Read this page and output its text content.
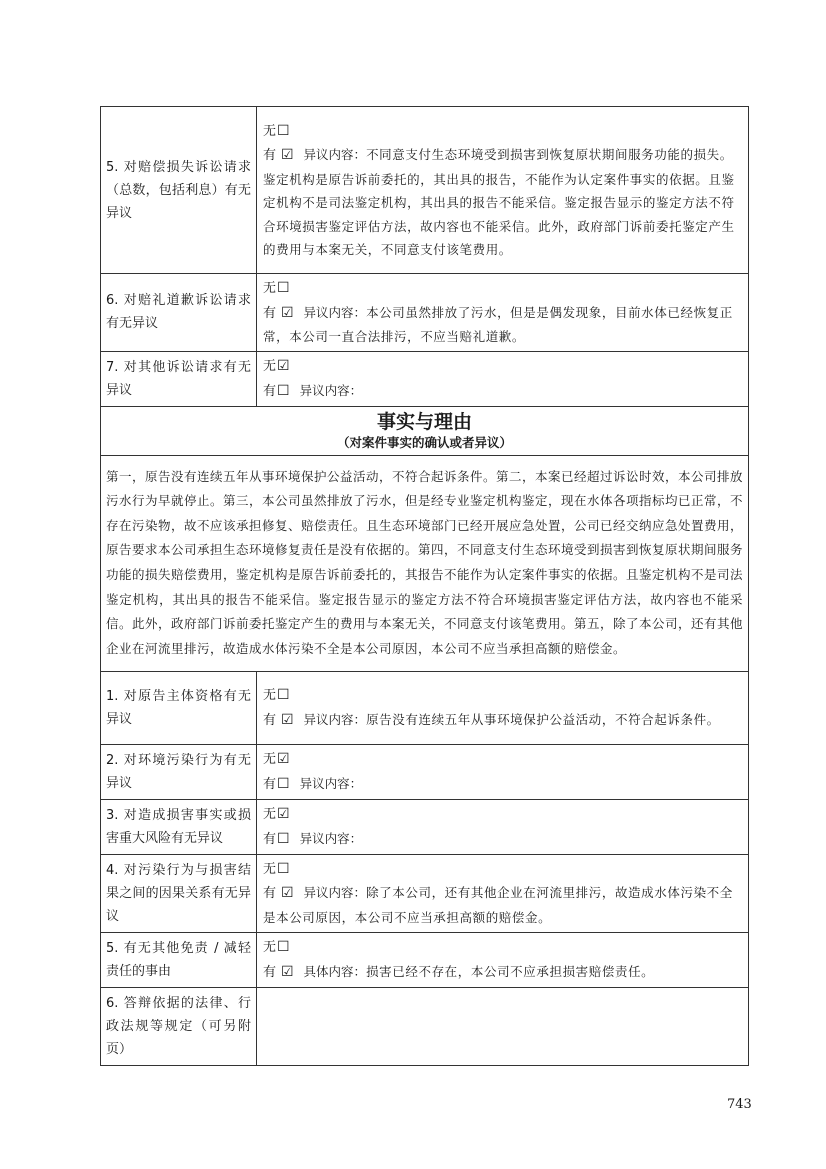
5. 对赔偿损失诉讼请求（总数，包括利息）有无异议	无☐
有 ☑ 异议内容：不同意支付生态环境受到损害到恢复原状期间服务功能的损失。鉴定机构是原告诉前委托的，其出具的报告，不能作为认定案件事实的依据。且鉴定机构不是司法鉴定机构，其出具的报告不能采信。鉴定报告显示的鉴定方法不符合环境损害鉴定评估方法，故内容也不能采信。此外，政府部门诉前委托鉴定产生的费用与本案无关，不同意支付该笔费用。

6. 对赔礼道歉诉讼请求有无异议	无☐
有 ☑ 异议内容：本公司虽然排放了污水，但是是偶发现象，目前水体已经恢复正常，本公司一直合法排污，不应当赔礼道歉。

7. 对其他诉讼请求有无异议	无☑
有☐ 异议内容：

事实与理由
（对案件事实的确认或者异议）	

第一，原告没有连续五年从事环境保护公益活动，不符合起诉条件。第二，本案已经超过诉讼时效，本公司排放污水行为早就停止。第三，本公司虽然排放了污水，但是经专业鉴定机构鉴定，现在水体各项指标均已正常，不存在污染物，故不应该承担修复、赔偿责任。且生态环境部门已经开展应急处置，公司已经交纳应急处置费用，原告要求本公司承担生态环境修复责任是没有依据的。第四，不同意支付生态环境受到损害到恢复原状期间服务功能的损失赔偿费用，鉴定机构是原告诉前委托的，其报告不能作为认定案件事实的依据。且鉴定机构不是司法鉴定机构，其出具的报告不能采信。鉴定报告显示的鉴定方法不符合环境损害鉴定评估方法，故内容也不能采信。此外，政府部门诉前委托鉴定产生的费用与本案无关，不同意支付该笔费用。第五，除了本公司，还有其他企业在河流里排污，故造成水体污染不全是本公司原因，本公司不应当承担高额的赔偿金。	
1. 对原告主体资格有无异议	无☐
有 ☑ 异议内容：原告没有连续五年从事环境保护公益活动，不符合起诉条件。

2. 对环境污染行为有无异议	无☑
有☐ 异议内容：

3. 对造成损害事实或损害重大风险有无异议	无☑
有☐ 异议内容：

4. 对污染行为与损害结果之间的因果关系有无异议	无☐
有 ☑ 异议内容：除了本公司，还有其他企业在河流里排污，故造成水体污染不全是本公司原因，本公司不应当承担高额的赔偿金。

5. 有无其他免责 / 减轻责任的事由	无☐
有 ☑ 具体内容：损害已经不存在，本公司不应承担损害赔偿责任。

6. 答辩依据的法律、行政法规等规定（可另附页）	
743
